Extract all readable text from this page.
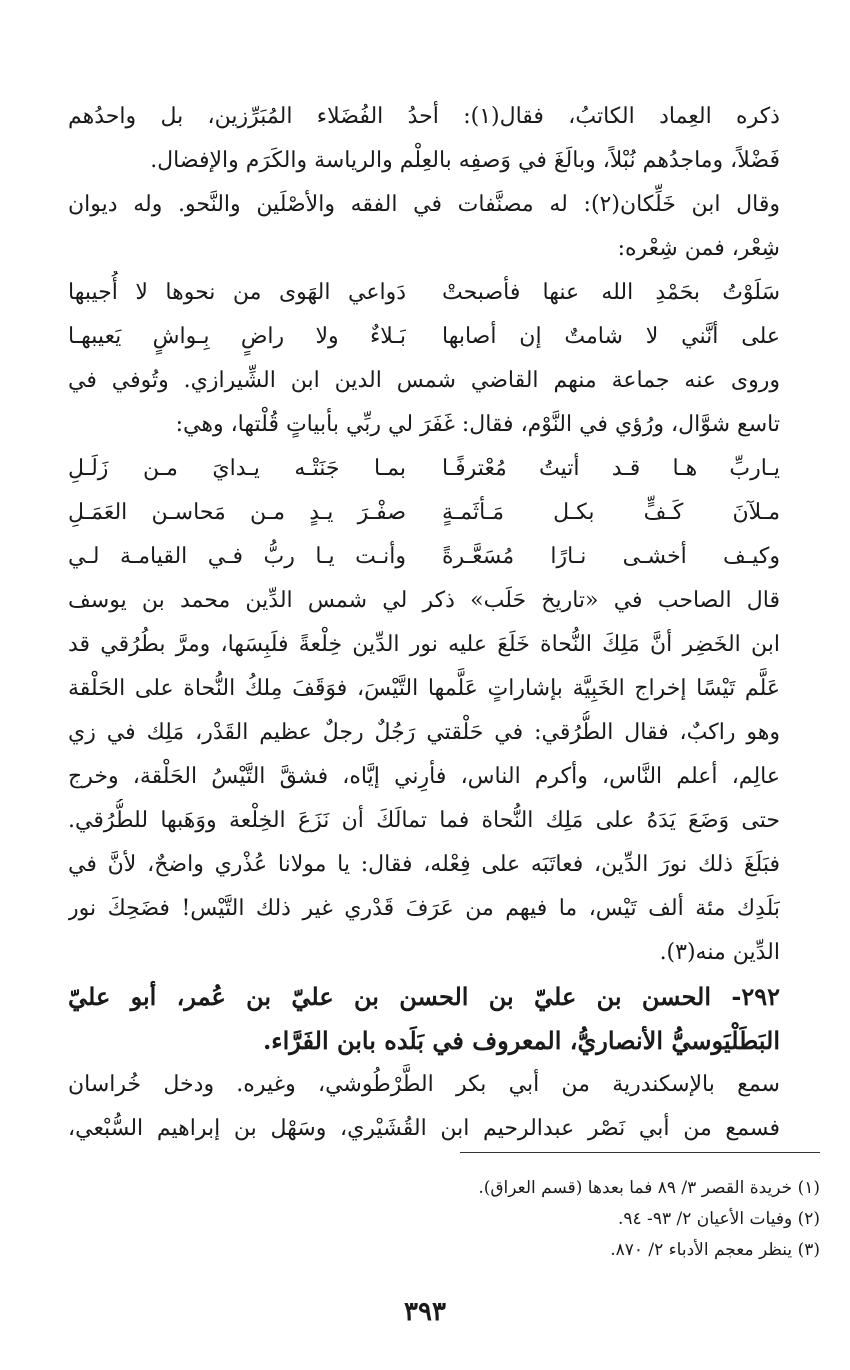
ذكره العِماد الكاتبُ، فقال(١): أحدُ الفُضَلاء المُبَرِّزين، بل واحدُهم
فَضْلاً، وماجدُهم نُبْلاً، وبالَغَ في وَصفِه بالعِلْم والرياسة والكَرَم والإفضال.
وقال ابن خَلِّكان(٢): له مصنَّفات في الفقه والأصْلَين والنَّحو. وله ديوان
شِعْر، فمن شِعْره:
سَلَوْتُ بحَمْدِ الله عنها فأصبحتْ
دَواعي الهَوى من نحوها لا أُجيبها
على أنَّني لا شامتٌ إن أصابها
بَـلاءٌ ولا راضٍ بِـواشٍ يَعيبهـا
وروى عنه جماعة منهم القاضي شمس الدين ابن الشِّيرازي. وتُوفي في
تاسع شوَّال، ورُؤي في النَّوْم، فقال: غَفَرَ لي ربِّي بأبياتٍ قُلْتها، وهي:
يـاربِّ هـا قـد أتيتُ مُعْترفًـا
بمـا جَنَتْـه يـدايَ مـن زَلَـلِ
مـلآنَ كَـفٍّ بكـل مَـأثَمـةٍ
صفْـرَ يـدٍ مـن مَحاسـن العَمَـلِ
وكيـف أخشـى نـارًا مُسَعَّـرةً
وأنـت يـا ربُّ فـي القيامـة لـي
قال الصاحب في «تاريخ حَلَب» ذكر لي شمس الدِّين محمد بن يوسف
ابن الخَضِر أنَّ مَلِكَ النُّحاة خَلَعَ عليه نور الدِّين خِلْعةً فلَبِسَها، ومرَّ بطُرُقي قد
عَلَّم تَيْسًا إخراج الخَبِيَّة بإشاراتٍ عَلَّمها التَّيْسَ، فوَقَفَ مِلكُ النُّحاة على الحَلْقة
وهو راكبٌ، فقال الطُّرُقي: في حَلْقتي رَجُلٌ رجلٌ عظيم القَدْر، مَلِك في زي
عالِم، أعلم النَّاس، وأكرم الناس، فأرِني إيَّاه، فشقَّ التَّيْسُ الحَلْقة، وخرج
حتى وَضَعَ يَدَهُ على مَلِك النُّحاة فما تمالَكَ أن نَزَعَ الخِلْعة ووَهَبها للطُّرُقي.
فبَلَغَ ذلك نورَ الدِّين، فعاتَبَه على فِعْله، فقال: يا مولانا عُذْري واضحٌ، لأنَّ في
بَلَدِك مئة ألف تَيْس، ما فيهم من عَرَفَ قَدْري غير ذلك التَّيْس! فضَحِكَ نور
الدِّين منه(٣).
٢٩٢- الحسن بن عليّ بن الحسن بن عليّ بن عُمر، أبو عليّ
البَطَلْيَوسيُّ الأنصاريُّ، المعروف في بَلَده بابن الفَرَّاء.
سمع بالإسكندرية من أبي بكر الطَّرْطُوشي، وغيره. ودخل خُراسان
فسمع من أبي نَصْر عبدالرحيم ابن القُشَيْري، وسَهْل بن إبراهيم السُّبْعي،
(١) خريدة القصر ٣/ ٨٩ فما بعدها (قسم العراق).
(٢) وفيات الأعيان ٢/ ٩٣- ٩٤.
(٣) ينظر معجم الأدباء ٢/ ٨٧٠.
٣٩٣
